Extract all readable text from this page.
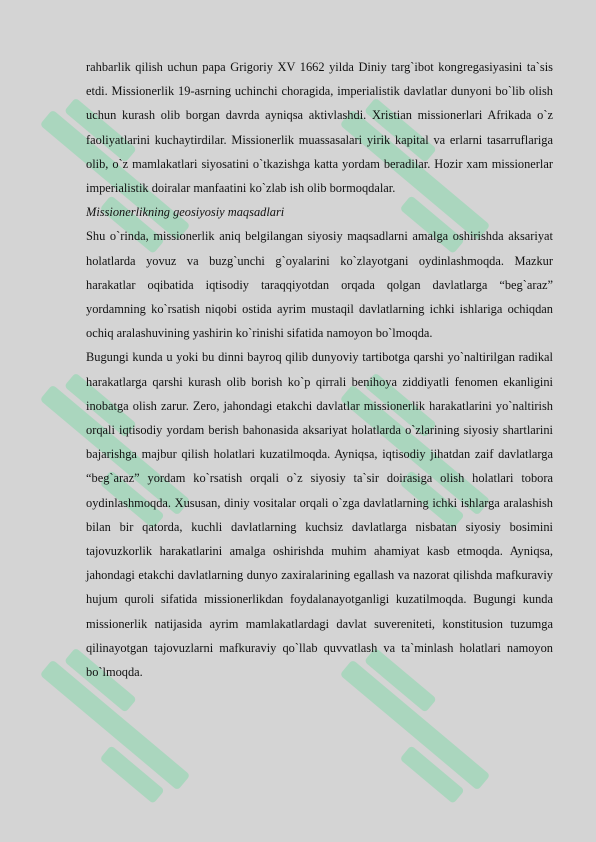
rahbarlik qilish uchun papa Grigoriy XV 1662 yilda Diniy targ`ibot kongregasiyasini ta`sis etdi. Missionerlik 19-asrning uchinchi choragida, imperialistik davlatlar dunyoni bo`lib olish uchun kurash olib borgan davrda ayniqsa aktivlashdi. Xristian missionerlari Afrikada o`z faoliyatlarini kuchaytirdilar. Missionerlik muassasalari yirik kapital va erlarni tasarruflariga olib, o`z mamlakatlari siyosatini o`tkazishga katta yordam beradilar. Hozir xam missionerlar imperialistik doiralar manfaatini ko`zlab ish olib bormoqdalar.

Missionerlikning geosiyosiy maqsadlari

Shu o`rinda, missionerlik aniq belgilangan siyosiy maqsadlarni amalga oshirishda aksariyat holatlarda yovuz va buzg`unchi g`oyalarini ko`zlayotgani oydinlashmoqda. Mazkur harakatlar oqibatida iqtisodiy taraqqiyotdan orqada qolgan davlatlarga “beg`araz” yordamning ko`rsatish niqobi ostida ayrim mustaqil davlatlarning ichki ishlariga ochiqdan ochiq aralashuvining yashirin ko`rinishi sifatida namoyon bo`lmoqda.

Bugungi kunda u yoki bu dinni bayroq qilib dunyoviy tartibotga qarshi yo`naltirilgan radikal harakatlarga qarshi kurash olib borish ko`p qirrali benihoya ziddiyatli fenomen ekanligini inobatga olish zarur. Zero, jahondagi etakchi davlatlar missionerlik harakatlarini yo`naltirish orqali iqtisodiy yordam berish bahonasida aksariyat holatlarda o`zlarining siyosiy shartlarini bajarishga majbur qilish holatlari kuzatilmoqda. Ayniqsa, iqtisodiy jihatdan zaif davlatlarga “beg`araz” yordam ko`rsatish orqali o`z siyosiy ta`sir doirasiga olish holatlari tobora oydinlashmoqda. Xususan, diniy vositalar orqali o`zga davlatlarning ichki ishlarga aralashish bilan bir qatorda, kuchli davlatlarning kuchsiz davlatlarga nisbatan siyosiy bosimini tajovuzkorlik harakatlarini amalga oshirishda muhim ahamiyat kasb etmoqda. Ayniqsa, jahondagi etakchi davlatlarning dunyo zaxiralarining egallash va nazorat qilishda mafkuraviy hujum quroli sifatida missionerlikdan foydalanayotganligi kuzatilmoqda. Bugungi kunda missionerlik natijasida ayrim mamlakatlardagi davlat suvereniteti, konstitusion tuzumga qilinayotgan tajovuzlarni mafkuraviy qo`llab quvvatlash va ta`minlash holatlari namoyon bo`lmoqda.
